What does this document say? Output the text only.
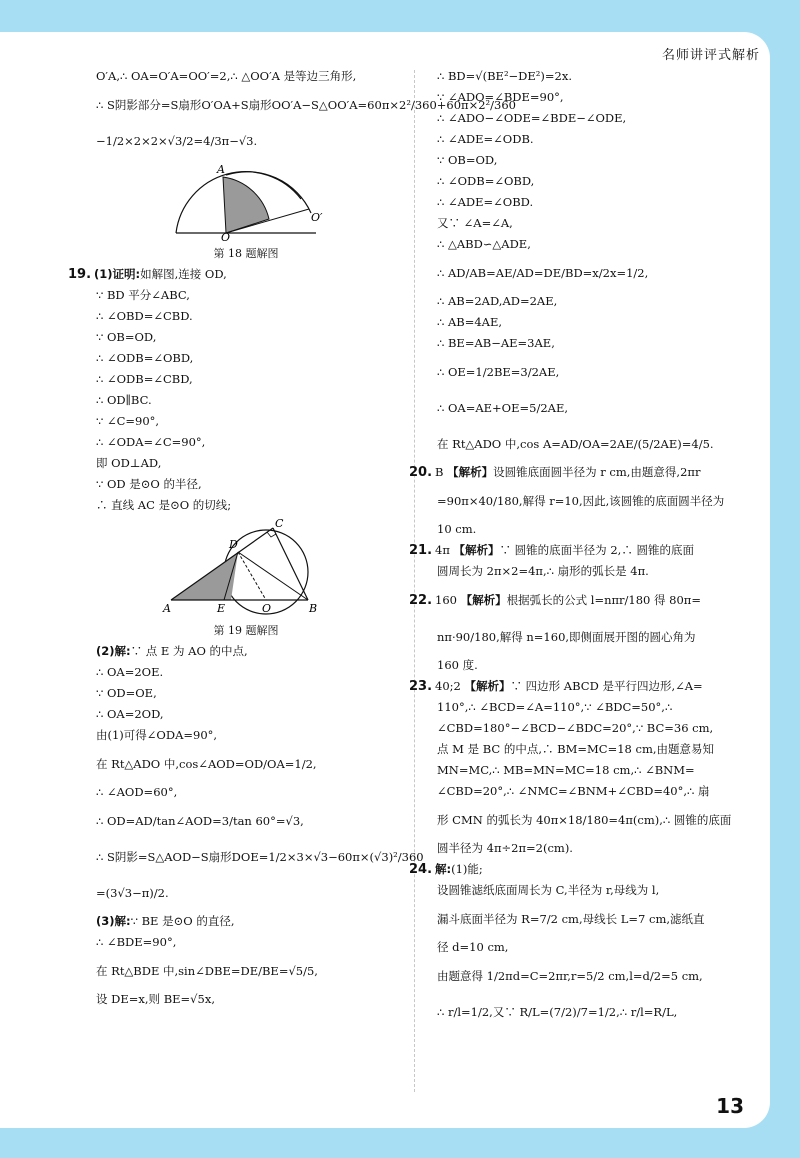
名师讲评式解析
O′A,∴ OA=O′A=OO′=2,∴ △OO′A 是等边三角形,
∴ S阴影部分=S扇形O′OA+S扇形OO′A−S△OO′A=60π×2²/360+60π×2²/360
−1/2×2×2×√3/2=4/3π−√3.
A
O
O′
第 18 题解图
19. (1)证明:如解图,连接 OD,
∵ BD 平分∠ABC,
∴ ∠OBD=∠CBD.
∵ OB=OD,
∴ ∠ODB=∠OBD,
∴ ∠ODB=∠CBD,
∴ OD∥BC.
∵ ∠C=90°,
∴ ∠ODA=∠C=90°,
即 OD⊥AD,
∵ OD 是⊙O 的半径,
∴ 直线 AC 是⊙O 的切线;
A	E	O	B
D
C
第 19 题解图
(2)解:∵ 点 E 为 AO 的中点,
∴ OA=2OE.
∵ OD=OE,
∴ OA=2OD,
由(1)可得∠ODA=90°,
在 Rt△ADO 中,cos∠AOD=OD/OA=1/2,
∴ ∠AOD=60°,
∴ OD=AD/tan∠AOD=3/tan 60°=√3,
∴ S阴影=S△AOD−S扇形DOE=1/2×3×√3−60π×(√3)²/360
=(3√3−π)/2.
(3)解:∵ BE 是⊙O 的直径,
∴ ∠BDE=90°,
在 Rt△BDE 中,sin∠DBE=DE/BE=√5/5,
设 DE=x,则 BE=√5x,
∴ BD=√(BE²−DE²)=2x.
∵ ∠ADO=∠BDE=90°,
∴ ∠ADO−∠ODE=∠BDE−∠ODE,
∴ ∠ADE=∠ODB.
∵ OB=OD,
∴ ∠ODB=∠OBD,
∴ ∠ADE=∠OBD.
又∵ ∠A=∠A,
∴ △ABD∽△ADE,
∴ AD/AB=AE/AD=DE/BD=x/2x=1/2,
∴ AB=2AD,AD=2AE,
∴ AB=4AE,
∴ BE=AB−AE=3AE,
∴ OE=1/2BE=3/2AE,
∴ OA=AE+OE=5/2AE,
在 Rt△ADO 中,cos A=AD/OA=2AE/(5/2AE)=4/5.
20. B 【解析】设圆锥底面圆半径为 r cm,由题意得,2πr
=90π×40/180,解得 r=10,因此,该圆锥的底面圆半径为
10 cm.
21. 4π 【解析】∵ 圆锥的底面半径为 2,∴ 圆锥的底面
圆周长为 2π×2=4π,∴ 扇形的弧长是 4π.
22. 160 【解析】根据弧长的公式 l=nπr/180 得 80π=
nπ·90/180,解得 n=160,即侧面展开图的圆心角为
160 度.
23. 40;2 【解析】∵ 四边形 ABCD 是平行四边形,∠A=
110°,∴ ∠BCD=∠A=110°,∵ ∠BDC=50°,∴
∠CBD=180°−∠BCD−∠BDC=20°,∵ BC=36 cm,
点 M 是 BC 的中点,∴ BM=MC=18 cm,由题意易知
MN=MC,∴ MB=MN=MC=18 cm,∴ ∠BNM=
∠CBD=20°,∴ ∠NMC=∠BNM+∠CBD=40°,∴ 扇
形 CMN 的弧长为 40π×18/180=4π(cm),∴ 圆锥的底面
圆半径为 4π÷2π=2(cm).
24. 解:(1)能;
设圆锥滤纸底面周长为 C,半径为 r,母线为 l,
漏斗底面半径为 R=7/2 cm,母线长 L=7 cm,滤纸直
径 d=10 cm,
由题意得 1/2πd=C=2πr,r=5/2 cm,l=d/2=5 cm,
∴ r/l=1/2,又∵ R/L=(7/2)/7=1/2,∴ r/l=R/L,
13
